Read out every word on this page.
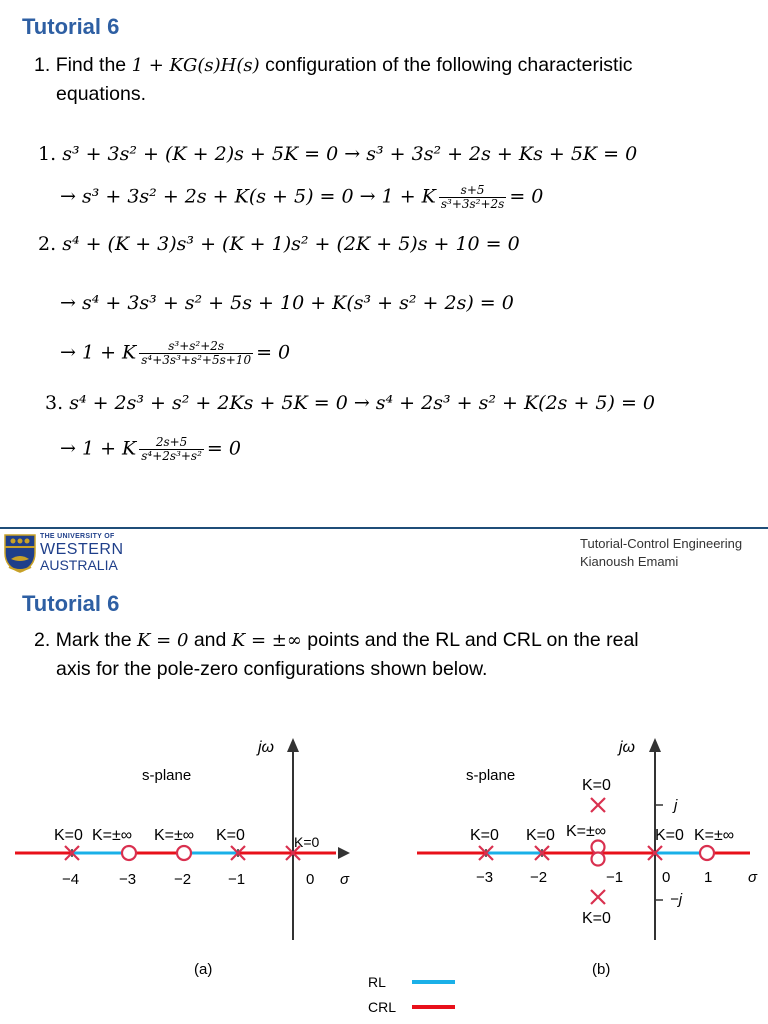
Tutorial 6
1. Find the 1 + KG(s)H(s) configuration of the following characteristic
equations.
1. s³ + 3s² + (K + 2)s + 5K = 0 → s³ + 3s² + 2s + Ks + 5K = 0
→ s³ + 3s² + 2s + K(s + 5) = 0 → 1 + K $\frac{s+5}{\text{s³+3s²+2s}} = 0$
2. s⁴ + (K + 3)s³ + (K + 1)s² + (2K + 5)s + 10 = 0
→ s⁴ + 3s³ + s² + 5s + 10 + K(s³ + s² + 2s) = 0
→ 1 + K $\frac{\text{s³+s²+2s}}{\text{s⁴+3s³+s²+5s+10}} = 0$
3. s⁴ + 2s³ + s² + 2Ks + 5K = 0 → s⁴ + 2s³ + s² + K(2s + 5) = 0
→ 1 + K $\frac{2s+5}{\text{s⁴+2s³+s²}} = 0$
THE UNIVERSITY OF
WESTERN
AUSTRALIA
Tutorial-Control Engineering
Kianoush Emami
Tutorial 6
2. Mark the K = 0 and K = ±∞ points and the RL and CRL on the real
axis for the pole-zero configurations shown below.
jω
s-plane
−4	−3	−2 −1	0 σ
K=0 K=±∞ K=±∞ K=0	K=0
(a)
jω
s-plane
j
−j
−3 −2	−1	0 1 σ
K=0 K=0 K=±∞	K=0 K=±∞
K=0
K=0
(b)
RL
CRL
